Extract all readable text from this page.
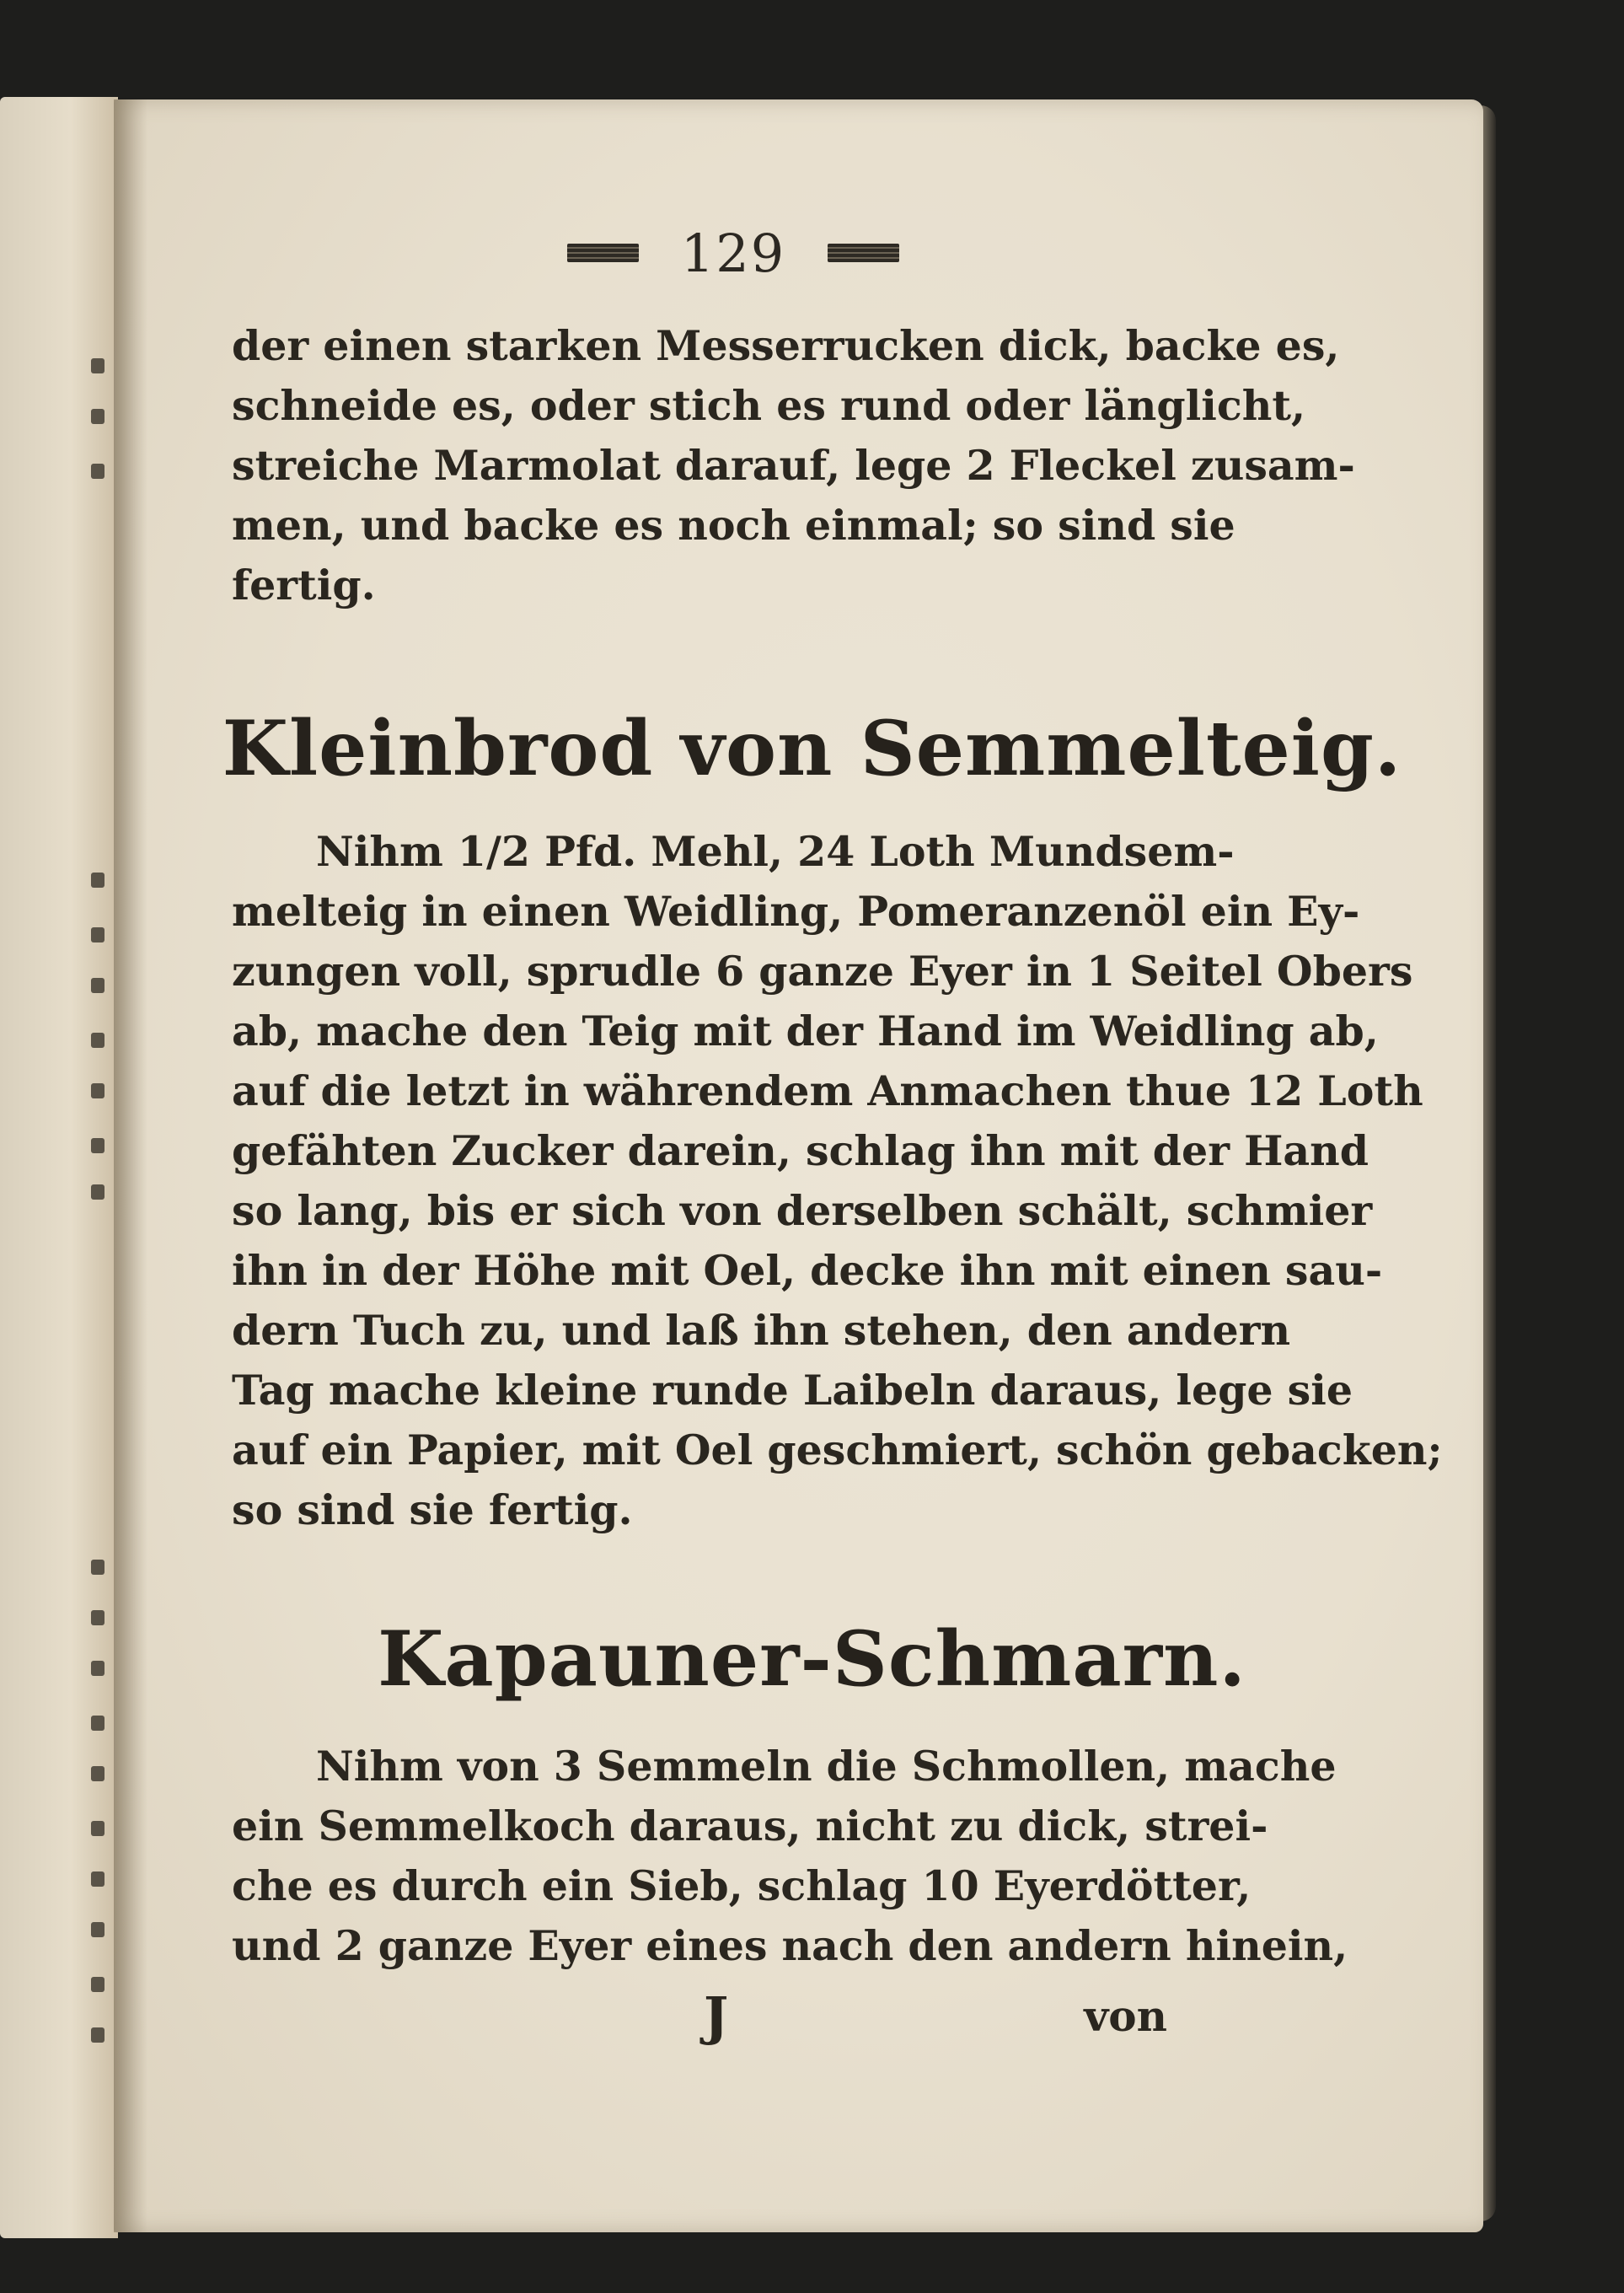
129
der einen starken Messerrucken dick, backe es,
schneide es, oder stich es rund oder länglicht,
streiche Marmolat darauf, lege 2 Fleckel zusam-
men, und backe es noch einmal; so sind sie
fertig.
Kleinbrod von Semmelteig.
Nihm 1/2 Pfd. Mehl, 24 Loth Mundsem-
melteig in einen Weidling, Pomeranzenöl ein Ey-
zungen voll, sprudle 6 ganze Eyer in 1 Seitel Obers
ab, mache den Teig mit der Hand im Weidling ab,
auf die letzt in währendem Anmachen thue 12 Loth
gefähten Zucker darein, schlag ihn mit der Hand
so lang, bis er sich von derselben schält, schmier
ihn in der Höhe mit Oel, decke ihn mit einen sau-
dern Tuch zu, und laß ihn stehen, den andern
Tag mache kleine runde Laibeln daraus, lege sie
auf ein Papier, mit Oel geschmiert, schön gebacken;
so sind sie fertig.
Kapauner-Schmarn.
Nihm von 3 Semmeln die Schmollen, mache
ein Semmelkoch daraus, nicht zu dick, strei-
che es durch ein Sieb, schlag 10 Eyerdötter,
und 2 ganze Eyer eines nach den andern hinein,
J	von
